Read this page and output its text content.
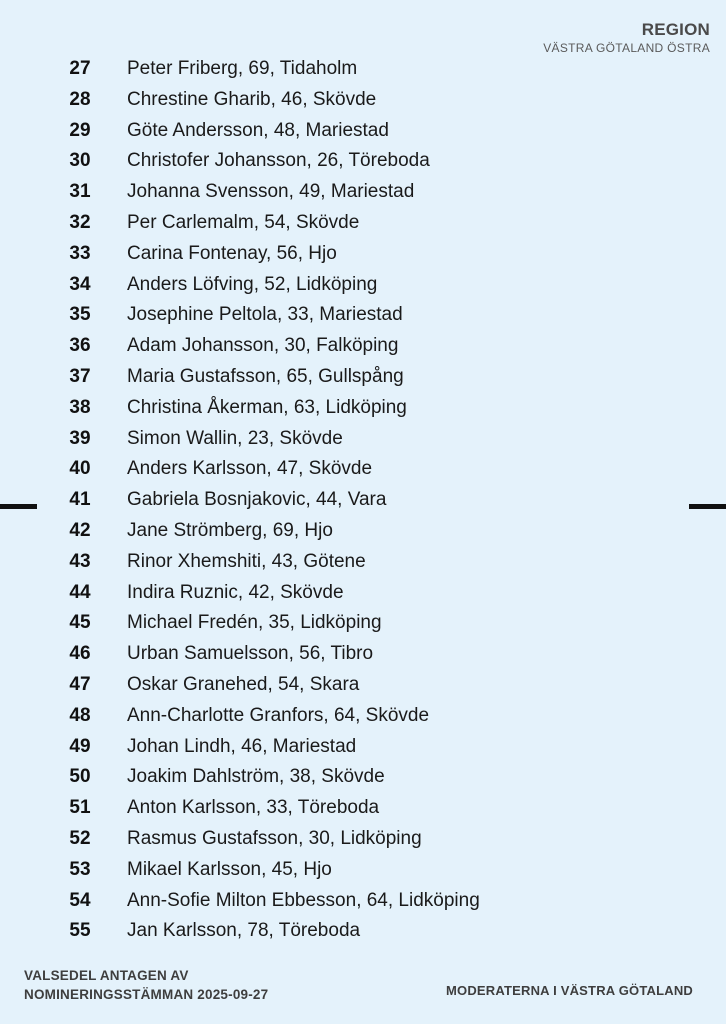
REGION
VÄSTRA GÖTALAND ÖSTRA
27	Peter Friberg, 69, Tidaholm
28	Chrestine Gharib, 46, Skövde
29	Göte Andersson, 48, Mariestad
30	Christofer Johansson, 26, Töreboda
31	Johanna Svensson, 49, Mariestad
32	Per Carlemalm, 54, Skövde
33	Carina Fontenay, 56, Hjo
34	Anders Löfving, 52, Lidköping
35	Josephine Peltola, 33, Mariestad
36	Adam Johansson, 30, Falköping
37	Maria Gustafsson, 65, Gullspång
38	Christina Åkerman, 63, Lidköping
39	Simon Wallin, 23, Skövde
40	Anders Karlsson, 47, Skövde
41	Gabriela Bosnjakovic, 44, Vara
42	Jane Strömberg, 69, Hjo
43	Rinor Xhemshiti, 43, Götene
44	Indira Ruznic, 42, Skövde
45	Michael Fredén, 35, Lidköping
46	Urban Samuelsson, 56, Tibro
47	Oskar Granehed, 54, Skara
48	Ann-Charlotte Granfors, 64, Skövde
49	Johan Lindh, 46, Mariestad
50	Joakim Dahlström, 38, Skövde
51	Anton Karlsson, 33, Töreboda
52	Rasmus Gustafsson, 30, Lidköping
53	Mikael Karlsson, 45, Hjo
54	Ann-Sofie Milton Ebbesson, 64, Lidköping
55	Jan Karlsson, 78, Töreboda
VALSEDEL ANTAGEN AV
NOMINERINGSSTÄMMAN 2025-09-27	MODERATERNA I VÄSTRA GÖTALAND
